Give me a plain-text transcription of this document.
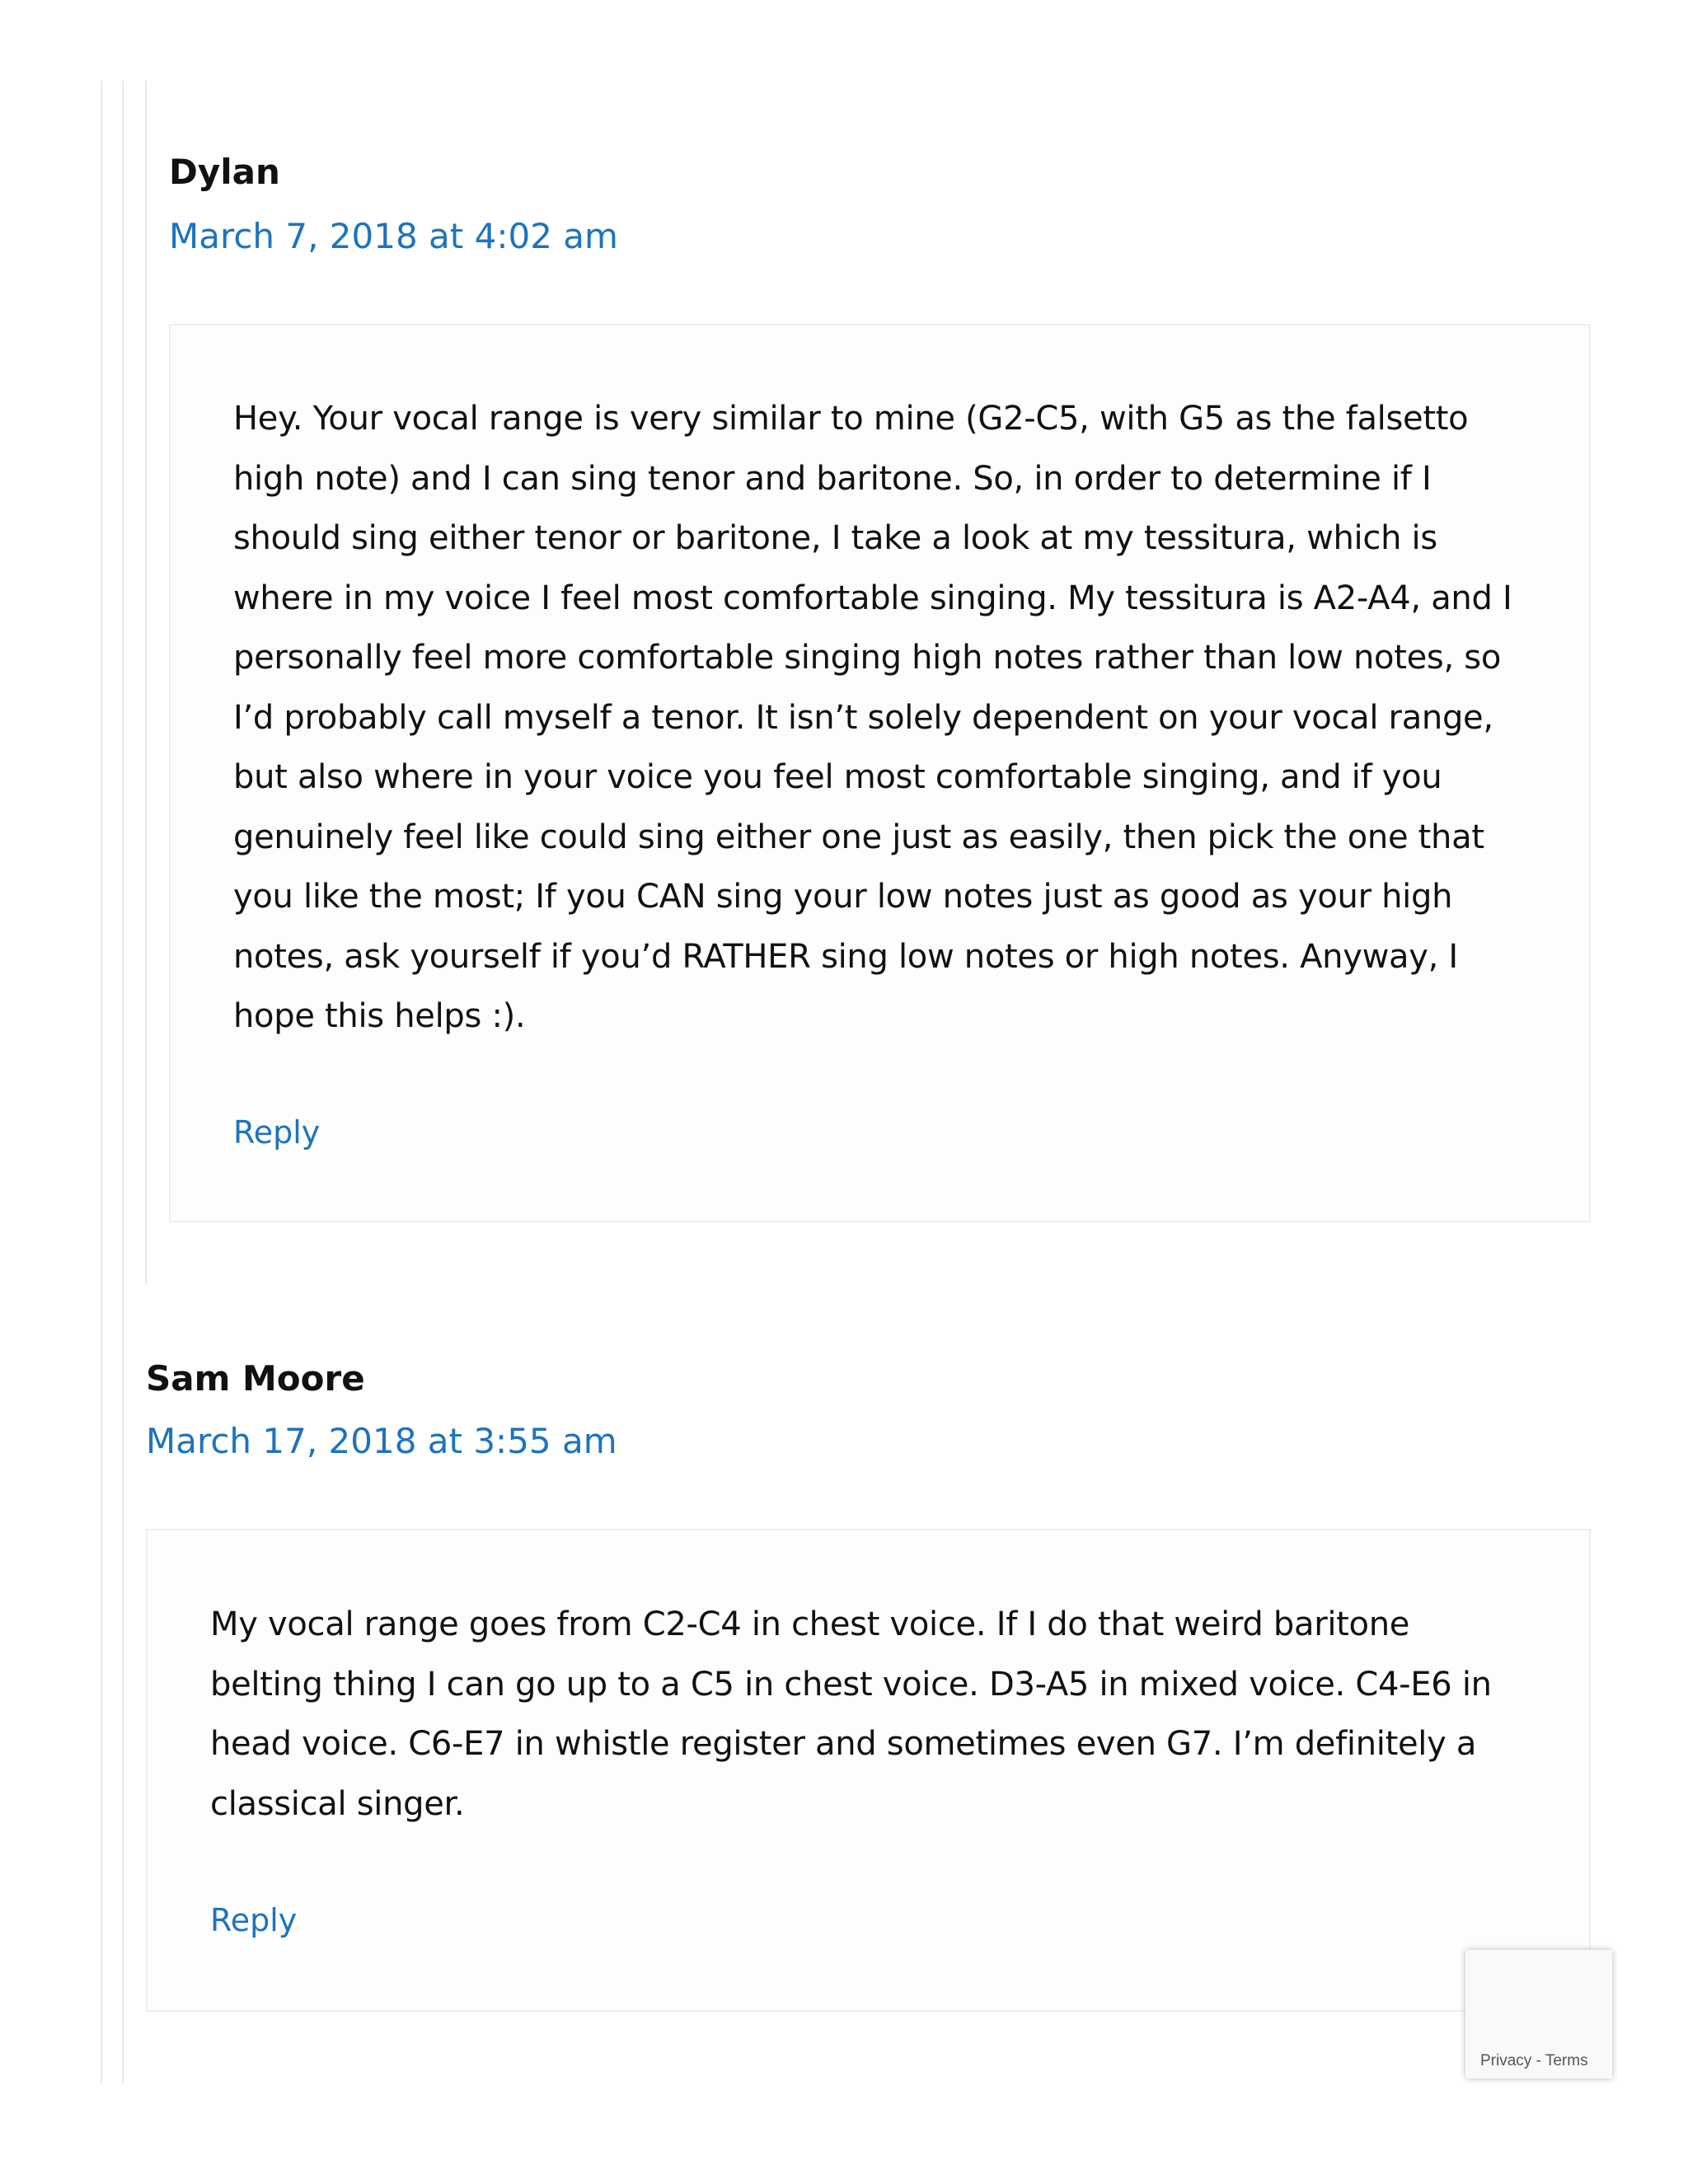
Dylan
March 7, 2018 at 4:02 am
Hey. Your vocal range is very similar to mine (G2-C5, with G5 as the falsetto
high note) and I can sing tenor and baritone. So, in order to determine if I
should sing either tenor or baritone, I take a look at my tessitura, which is
where in my voice I feel most comfortable singing. My tessitura is A2-A4, and I
personally feel more comfortable singing high notes rather than low notes, so
I’d probably call myself a tenor. It isn’t solely dependent on your vocal range,
but also where in your voice you feel most comfortable singing, and if you
genuinely feel like could sing either one just as easily, then pick the one that
you like the most; If you CAN sing your low notes just as good as your high
notes, ask yourself if you’d RATHER sing low notes or high notes. Anyway, I
hope this helps :).
Reply
Sam Moore
March 17, 2018 at 3:55 am
My vocal range goes from C2-C4 in chest voice. If I do that weird baritone
belting thing I can go up to a C5 in chest voice. D3-A5 in mixed voice. C4-E6 in
head voice. C6-E7 in whistle register and sometimes even G7. I’m definitely a
classical singer.
Reply
Privacy - Terms
